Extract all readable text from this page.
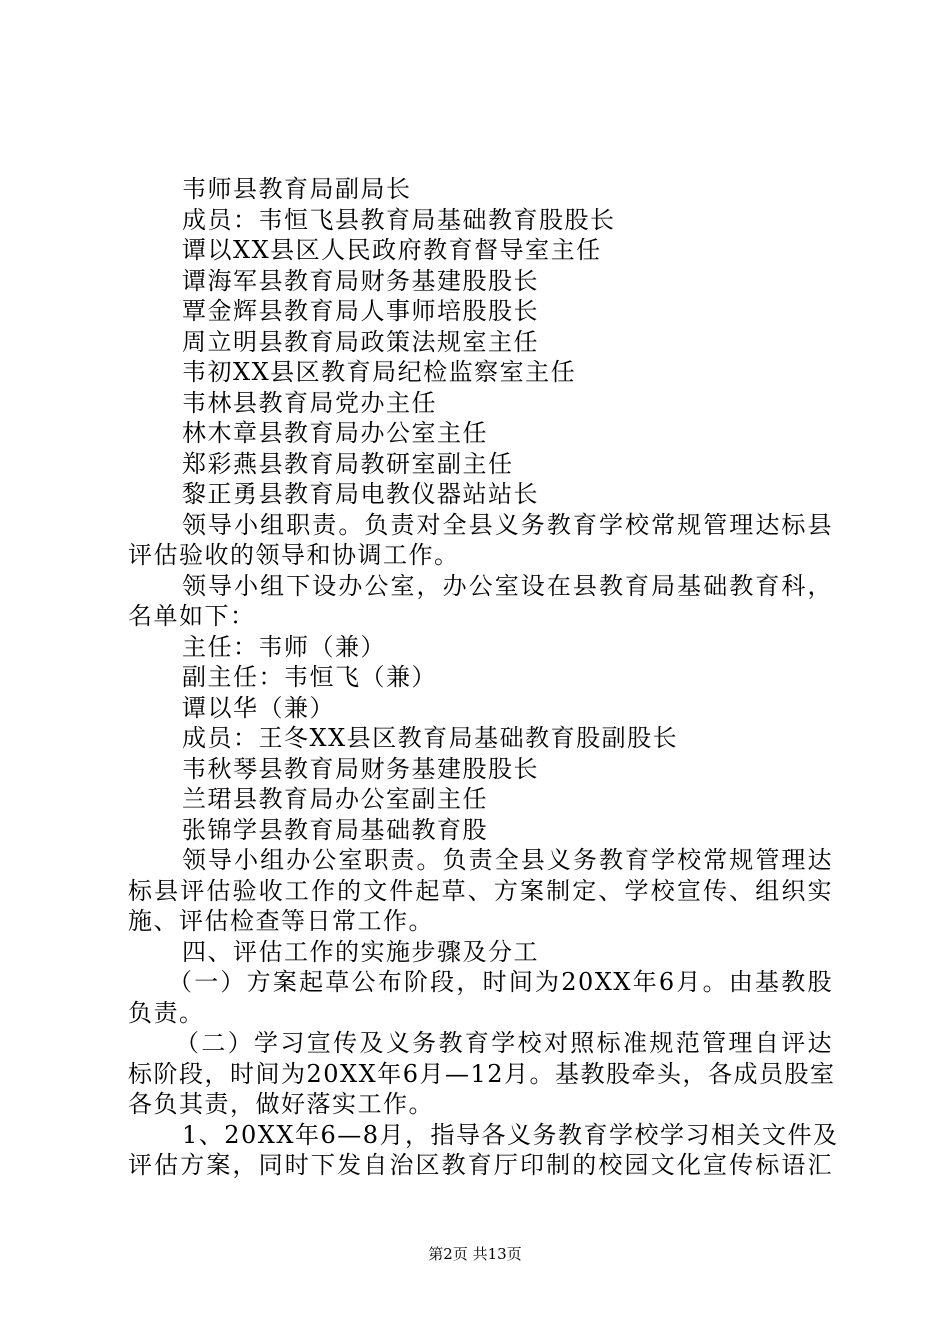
韦师县教育局副局长

成员：韦恒飞县教育局基础教育股股长

谭以XX县区人民政府教育督导室主任

谭海军县教育局财务基建股股长

覃金辉县教育局人事师培股股长

周立明县教育局政策法规室主任

韦初XX县区教育局纪检监察室主任

韦林县教育局党办主任

林木章县教育局办公室主任

郑彩燕县教育局教研室副主任

黎正勇县教育局电教仪器站站长

领导小组职责。负责对全县义务教育学校常规管理达标县

评估验收的领导和协调工作。

领导小组下设办公室，办公室设在县教育局基础教育科，

名单如下：

主任：韦师（兼）

副主任：韦恒飞（兼）

谭以华（兼）

成员：王冬XX县区教育局基础教育股副股长

韦秋琴县教育局财务基建股股长

兰珺县教育局办公室副主任

张锦学县教育局基础教育股

领导小组办公室职责。负责全县义务教育学校常规管理达

标县评估验收工作的文件起草、方案制定、学校宣传、组织实

施、评估检查等日常工作。

四、评估工作的实施步骤及分工

（一）方案起草公布阶段，时间为20XX年6月。由基教股

负责。

（二）学习宣传及义务教育学校对照标准规范管理自评达

标阶段，时间为20XX年6月—12月。基教股牵头，各成员股室

各负其责，做好落实工作。

1、20XX年6—8月，指导各义务教育学校学习相关文件及

评估方案，同时下发自治区教育厅印制的校园文化宣传标语汇

第2页 共13页
